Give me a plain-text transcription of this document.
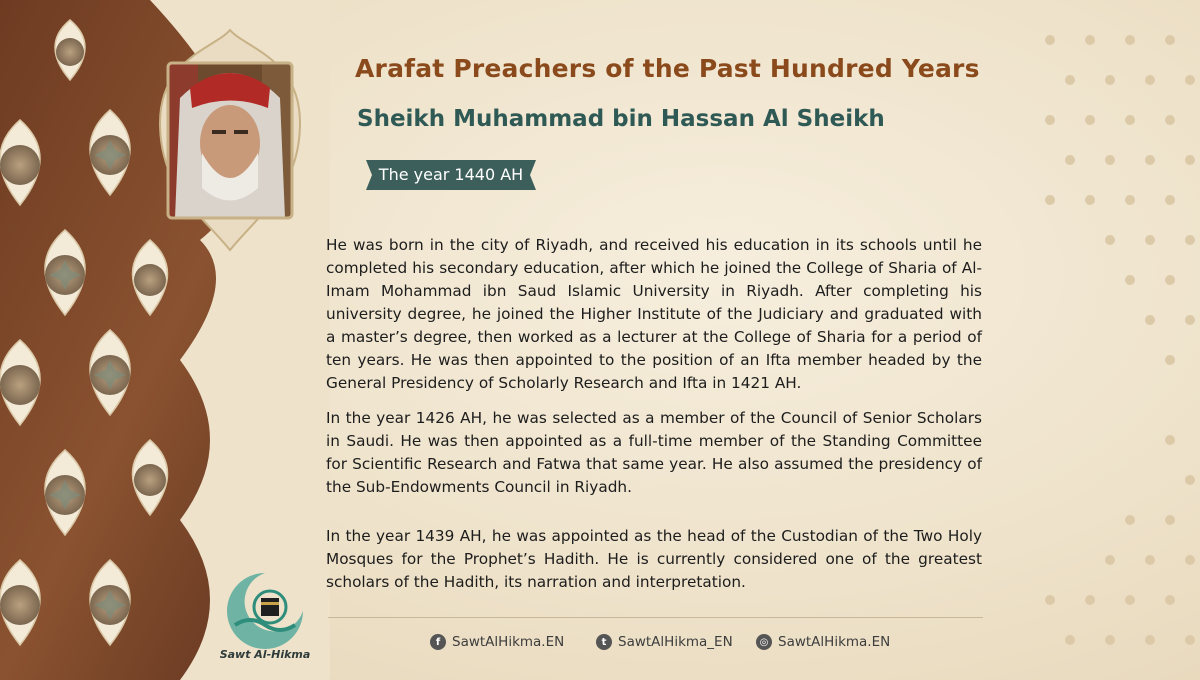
Arafat Preachers of the Past Hundred Years
Sheikh Muhammad bin Hassan Al Sheikh
The year 1440 AH

He was born in the city of Riyadh, and received his education in its schools until he completed his secondary education, after which he joined the College of Sharia of Al-Imam Mohammad ibn Saud Islamic University in Riyadh. After completing his university degree, he joined the Higher Institute of the Judiciary and graduated with a master’s degree, then worked as a lecturer at the College of Sharia for a period of ten years. He was then appointed to the position of an Ifta member headed by the General Presidency of Scholarly Research and Ifta in 1421 AH.

In the year 1426 AH, he was selected as a member of the Council of Senior Scholars in Saudi. He was then appointed as a full-time member of the Standing Committee for Scientific Research and Fatwa that same year. He also assumed the presidency of the Sub-Endowments Council in Riyadh.

In the year 1439 AH, he was appointed as the head of the Custodian of the Two Holy Mosques for the Prophet’s Hadith. He is currently considered one of the greatest scholars of the Hadith, its narration and interpretation.

Sawt Al-Hikma
f SawtAlHikma.EN	t SawtAlHikma_EN	◎ SawtAlHikma.EN
